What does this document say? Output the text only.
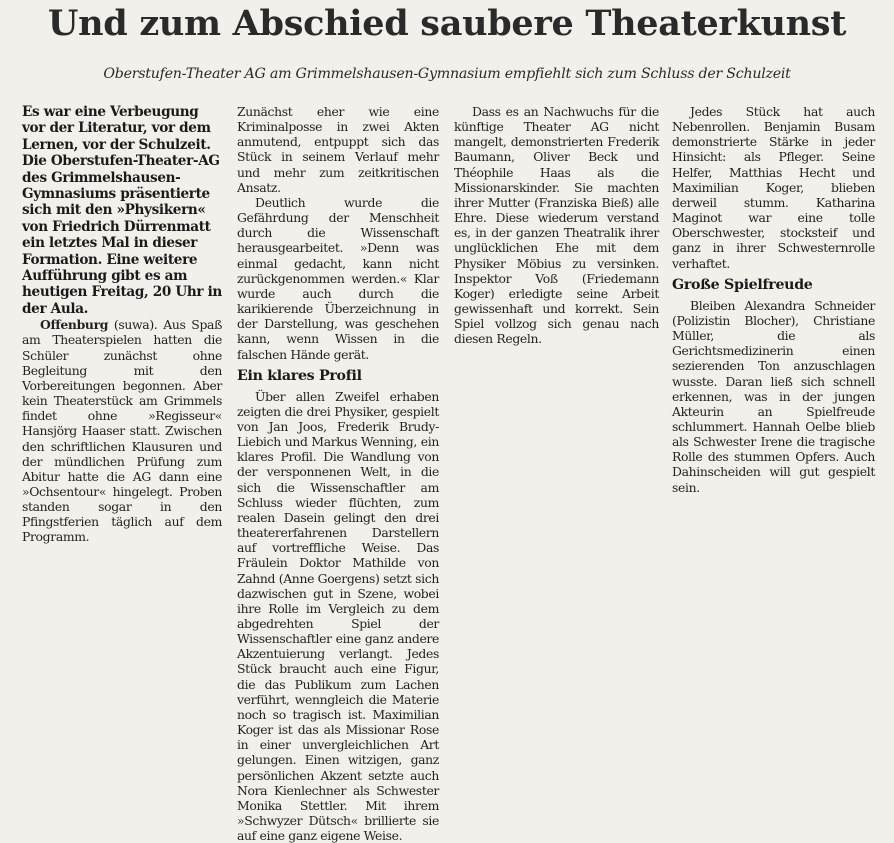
Und zum Abschied saubere Theaterkunst
Oberstufen-Theater AG am Grimmelshausen-Gymnasium empfiehlt sich zum Schluss der Schulzeit

Es war eine Verbeugung vor der Literatur, vor dem Lernen, vor der Schulzeit. Die Oberstufen-Theater-AG des Grimmelshausen-Gymnasiums präsentierte sich mit den »Physikern« von Friedrich Dürrenmatt ein letztes Mal in dieser Formation. Eine weitere Aufführung gibt es am heutigen Freitag, 20 Uhr in der Aula.

Offenburg (suwa). Aus Spaß am Theaterspielen hatten die Schüler zunächst ohne Begleitung mit den Vorbereitungen begonnen. Aber kein Theaterstück am Grimmels findet ohne »Regisseur« Hansjörg Haaser statt. Zwischen den schriftlichen Klausuren und der mündlichen Prüfung zum Abitur hatte die AG dann eine »Ochsentour« hingelegt. Proben standen sogar in den Pfingstferien täglich auf dem Programm.

Zunächst eher wie eine Kriminalposse in zwei Akten anmutend, entpuppt sich das Stück in seinem Verlauf mehr und mehr zum zeitkritischen Ansatz.

Deutlich wurde die Gefährdung der Menschheit durch die Wissenschaft herausgearbeitet. »Denn was einmal gedacht, kann nicht zurückgenommen werden.« Klar wurde auch durch die karikierende Überzeichnung in der Darstellung, was geschehen kann, wenn Wissen in die falschen Hände gerät.

Ein klares Profil

Über allen Zweifel erhaben zeigten die drei Physiker, gespielt von Jan Joos, Frederik Brudy-Liebich und Markus Wenning, ein klares Profil. Die Wandlung von der versponnenen Welt, in die sich die Wissenschaftler am Schluss wieder flüchten, zum realen Dasein gelingt den drei theatererfahrenen Darstellern auf vortreffliche Weise. Das Fräulein Doktor Mathilde von Zahnd (Anne Goergens) setzt sich dazwischen gut in Szene, wobei ihre Rolle im Vergleich zu dem abgedrehten Spiel der Wissenschaftler eine ganz andere Akzentuierung verlangt. Jedes Stück braucht auch eine Figur, die das Publikum zum Lachen verführt, wenngleich die Materie noch so tragisch ist. Maximilian Koger ist das als Missionar Rose in einer unvergleichlichen Art gelungen. Einen witzigen, ganz persönlichen Akzent setzte auch Nora Kienlechner als Schwester Monika Stettler. Mit ihrem »Schwyzer Dütsch« brillierte sie auf eine ganz eigene Weise.

Dass es an Nachwuchs für die künftige Theater AG nicht mangelt, demonstrierten Frederik Baumann, Oliver Beck und Théophile Haas als die Missionarskinder. Sie machten ihrer Mutter (Franziska Bieß) alle Ehre. Diese wiederum verstand es, in der ganzen Theatralik ihrer unglücklichen Ehe mit dem Physiker Möbius zu versinken. Inspektor Voß (Friedemann Koger) erledigte seine Arbeit gewissenhaft und korrekt. Sein Spiel vollzog sich genau nach diesen Regeln.

Jedes Stück hat auch Nebenrollen. Benjamin Busam demonstrierte Stärke in jeder Hinsicht: als Pfleger. Seine Helfer, Matthias Hecht und Maximilian Koger, blieben derweil stumm. Katharina Maginot war eine tolle Oberschwester, stocksteif und ganz in ihrer Schwesternrolle verhaftet.

Große Spielfreude

Bleiben Alexandra Schneider (Polizistin Blocher), Christiane Müller, die als Gerichtsmedizinerin einen sezierenden Ton anzuschlagen wusste. Daran ließ sich schnell erkennen, was in der jungen Akteurin an Spielfreude schlummert. Hannah Oelbe blieb als Schwester Irene die tragische Rolle des stummen Opfers. Auch Dahinscheiden will gut gespielt sein.
